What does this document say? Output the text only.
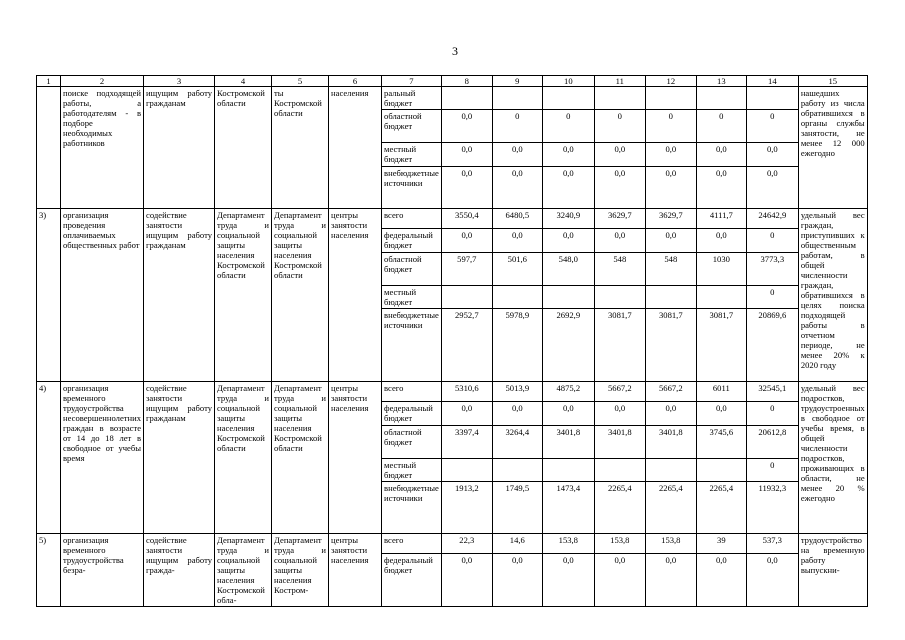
3
1	2	3	4	5	6	7	8	9	10	11	12	13	14	15
	поиске подходящей работы, а работодателям - в подборе необходимых работников	ищущим работу гражданам	Костромской области	ты Костромской области	населения	ральный бюджет								нашедших работу из числа обратившихся в органы службы занятости, не менее 12 000 ежегодно
						областной бюджет	0,0	0	0	0	0	0	0	
						местный бюджет	0,0	0,0	0,0	0,0	0,0	0,0	0,0	
						внебюджетные источники	0,0	0,0	0,0	0,0	0,0	0,0	0,0	
3)	организация проведения оплачиваемых общественных работ	содействие занятости ищущим работу гражданам	Департамент труда и социальной защиты населения Костромской области	Департамент труда и социальной защиты населения Костромской области	центры занятости населения	всего	3550,4	6480,5	3240,9	3629,7	3629,7	4111,7	24642,9	удельный вес граждан, приступивших к общественным работам, в общей численности граждан, обратившихся в целях поиска подходящей работы в отчетном периоде, не менее 20% к 2020 году
						федеральный бюджет	0,0	0,0	0,0	0,0	0,0	0,0	0	
						областной бюджет	597,7	501,6	548,0	548	548	1030	3773,3	
						местный бюджет							0	
						внебюджетные источники	2952,7	5978,9	2692,9	3081,7	3081,7	3081,7	20869,6	
4)	организация временного трудоустройства несовершеннолетних граждан в возрасте от 14 до 18 лет в свободное от учебы время	содействие занятости ищущим работу гражданам	Департамент труда и социальной защиты населения Костромской области	Департамент труда и социальной защиты населения Костромской области	центры занятости населения	всего	5310,6	5013,9	4875,2	5667,2	5667,2	6011	32545,1	удельный вес подростков, трудоустроенных в свободное от учебы время, в общей численности подростков, проживающих в области, не менее 20 % ежегодно
						федеральный бюджет	0,0	0,0	0,0	0,0	0,0	0,0	0	
						областной бюджет	3397,4	3264,4	3401,8	3401,8	3401,8	3745,6	20612,8	
						местный бюджет							0	
						внебюджетные источники	1913,2	1749,5	1473,4	2265,4	2265,4	2265,4	11932,3	
5)	организация временного трудоустройства безра-	содействие занятости ищущим работу гражда-	Департамент труда и социальной защиты населения Костромской обла-	Департамент труда и социальной защиты населения Костром-	центры занятости населения	всего	22,3	14,6	153,8	153,8	153,8	39	537,3	трудоустройство на временную работу выпускни-
						федеральный бюджет	0,0	0,0	0,0	0,0	0,0	0,0	0,0	
